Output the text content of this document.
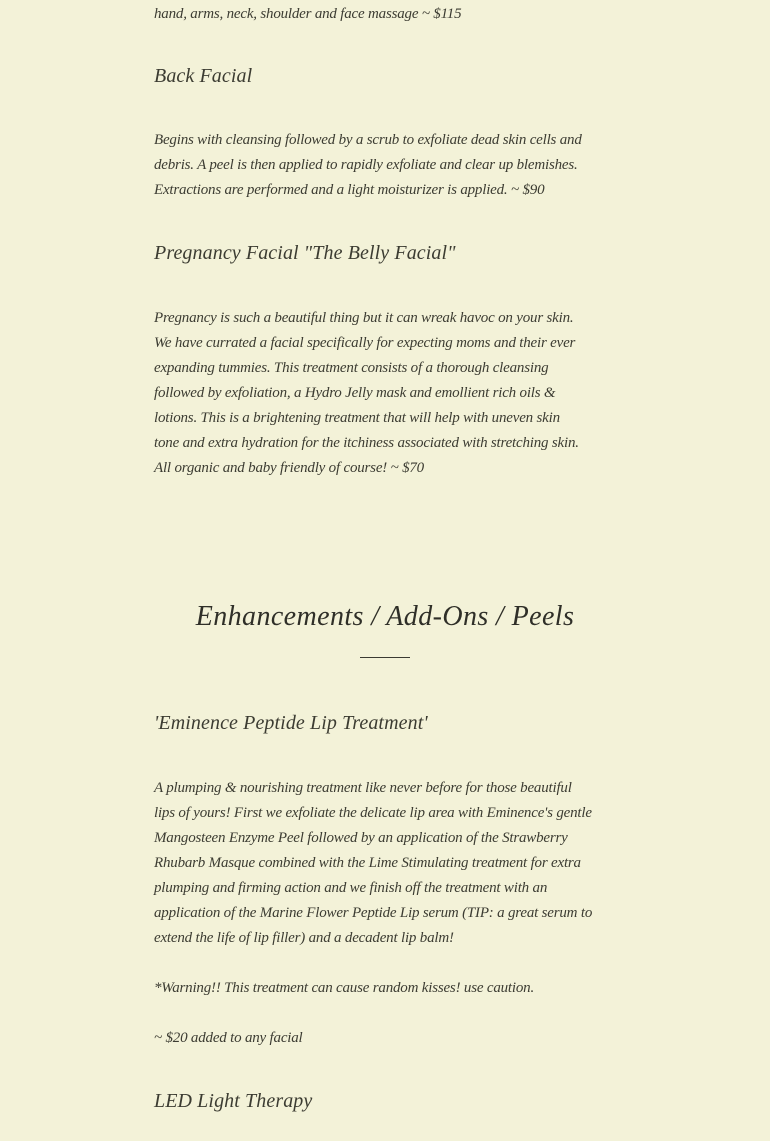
hand, arms, neck, shoulder and face massage ~ $115
Back Facial
Begins with cleansing followed by a scrub to exfoliate dead skin cells and
debris. A peel is then applied to rapidly exfoliate and clear up blemishes.
Extractions are performed and a light moisturizer is applied. ~ $90
Pregnancy Facial "The Belly Facial"
Pregnancy is such a beautiful thing but it can wreak havoc on your skin.
We have currated a facial specifically for expecting moms and their ever
expanding tummies. This treatment consists of a thorough cleansing
followed by exfoliation, a Hydro Jelly mask and emollient rich oils &
lotions. This is a brightening treatment that will help with uneven skin
tone and extra hydration for the itchiness associated with stretching skin.
All organic and baby friendly of course! ~ $70
Enhancements / Add-Ons / Peels
'Eminence Peptide Lip Treatment'
A plumping & nourishing treatment like never before for those beautiful
lips of yours! First we exfoliate the delicate lip area with Eminence's gentle
Mangosteen Enzyme Peel followed by an application of the Strawberry
Rhubarb Masque combined with the Lime Stimulating treatment for extra
plumping and firming action and we finish off the treatment with an
application of the Marine Flower Peptide Lip serum (TIP: a great serum to
extend the life of lip filler) and a decadent lip balm!
*Warning!! This treatment can cause random kisses! use caution.
~ $20 added to any facial
LED Light Therapy
